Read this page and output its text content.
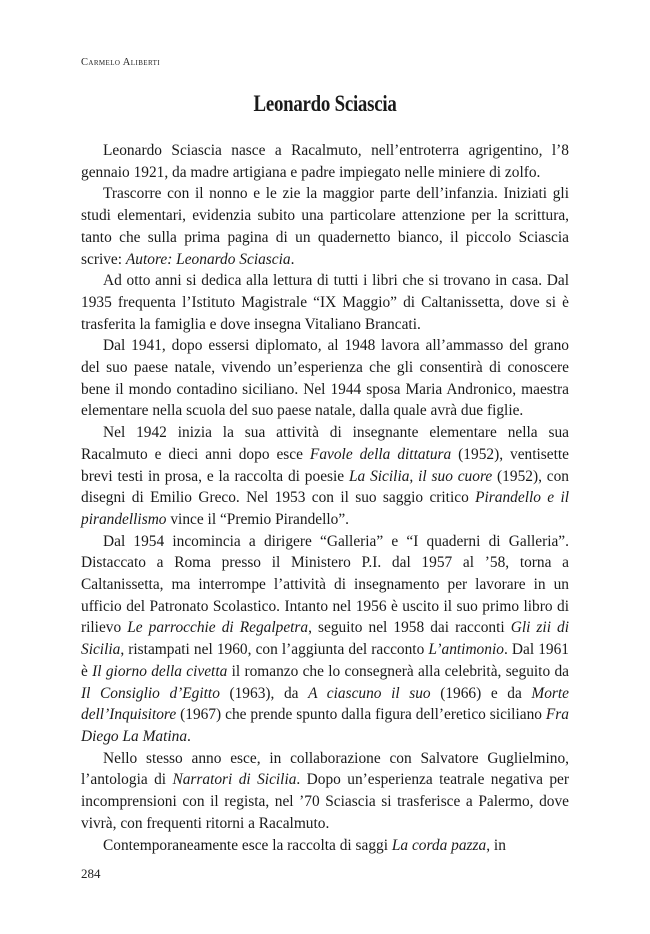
Carmelo Aliberti
Leonardo Sciascia

Leonardo Sciascia nasce a Racalmuto, nell’entroterra agrigentino, l’8 gennaio 1921, da madre artigiana e padre impiegato nelle miniere di zolfo.

Trascorre con il nonno e le zie la maggior parte dell’infanzia. Iniziati gli studi elementari, evidenzia subito una particolare attenzione per la scrittura, tanto che sulla prima pagina di un quadernetto bianco, il piccolo Sciascia scrive: Autore: Leonardo Sciascia.

Ad otto anni si dedica alla lettura di tutti i libri che si trovano in casa. Dal 1935 frequenta l’Istituto Magistrale “IX Maggio” di Caltanissetta, dove si è trasferita la famiglia e dove insegna Vitaliano Brancati.

Dal 1941, dopo essersi diplomato, al 1948 lavora all’ammasso del grano del suo paese natale, vivendo un’esperienza che gli consentirà di conoscere bene il mondo contadino siciliano. Nel 1944 sposa Maria Andronico, maestra elementare nella scuola del suo paese natale, dalla quale avrà due figlie.

Nel 1942 inizia la sua attività di insegnante elementare nella sua Racalmuto e dieci anni dopo esce Favole della dittatura (1952), ventisette brevi testi in prosa, e la raccolta di poesie La Sicilia, il suo cuore (1952), con disegni di Emilio Greco. Nel 1953 con il suo saggio critico Pirandello e il pirandellismo vince il “Premio Pirandello”.

Dal 1954 incomincia a dirigere “Galleria” e “I quaderni di Galleria”. Distaccato a Roma presso il Ministero P.I. dal 1957 al ’58, torna a Caltanissetta, ma interrompe l’attività di insegnamento per lavorare in un ufficio del Patronato Scolastico. Intanto nel 1956 è uscito il suo primo libro di rilievo Le parrocchie di Regalpetra, seguito nel 1958 dai racconti Gli zii di Sicilia, ristampati nel 1960, con l’aggiunta del racconto L’antimonio. Dal 1961 è Il giorno della civetta il romanzo che lo consegnerà alla celebrità, seguito da Il Consiglio d’Egitto (1963), da A ciascuno il suo (1966) e da Morte dell’Inquisitore (1967) che prende spunto dalla figura dell’eretico siciliano Fra Diego La Matina.

Nello stesso anno esce, in collaborazione con Salvatore Guglielmino, l’antologia di Narratori di Sicilia. Dopo un’esperienza teatrale negativa per incomprensioni con il regista, nel ’70 Sciascia si trasferisce a Palermo, dove vivrà, con frequenti ritorni a Racalmuto.

Contemporaneamente esce la raccolta di saggi La corda pazza, in

284
